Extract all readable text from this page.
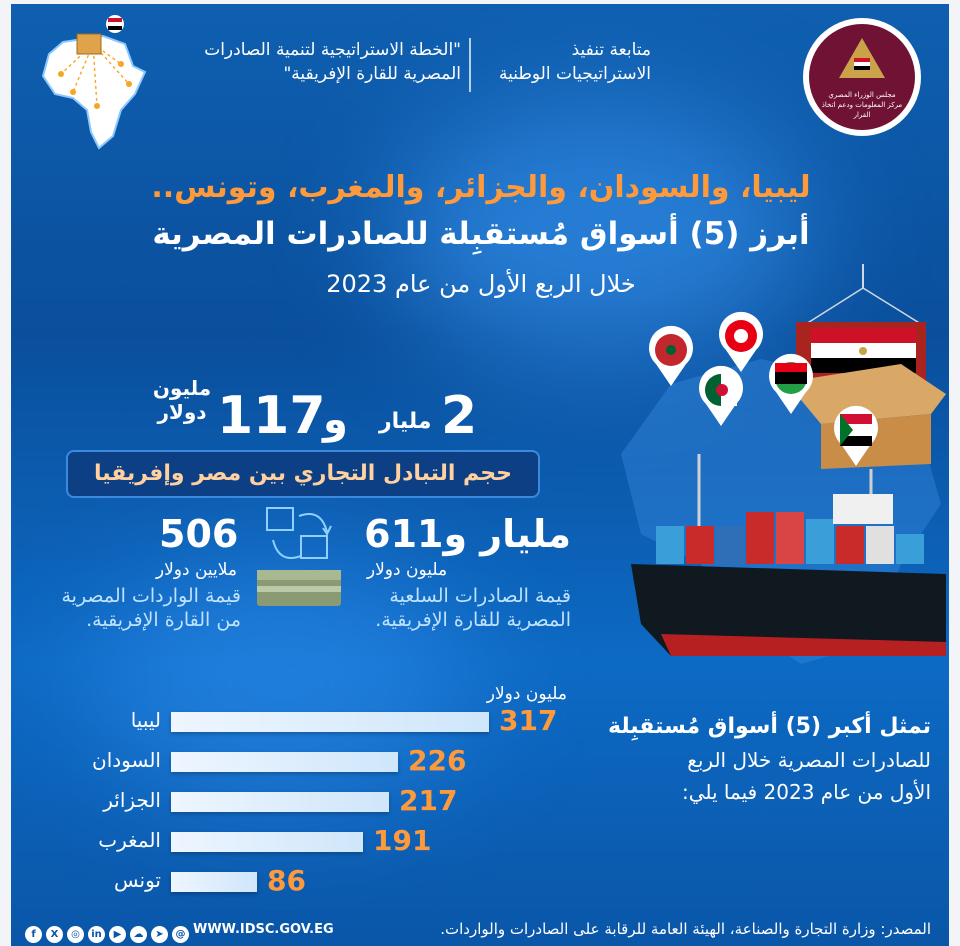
"الخطة الاستراتيجية لتنمية الصادرات
المصرية للقارة الإفريقية"
متابعة تنفيذ
الاستراتيجيات الوطنية
مجلس الوزراء المصري
مركز المعلومات ودعم اتخاذ القرار
ليبيا، والسودان، والجزائر، والمغرب، وتونس..
أبرز (5) أسواق مُستقبِلة للصادرات المصرية
خلال الربع الأول من عام 2023
مليون
دولار 117
و مليار 2
حجم التبادل التجاري بين مصر وإفريقيا
مليار و611
مليون دولار
قيمة الصادرات السلعية
المصرية للقارة الإفريقية.
506
ملايين دولار
قيمة الواردات المصرية
من القارة الإفريقية.
تمثل أكبر (5) أسواق مُستقبِلة
للصادرات المصرية خلال الربع
الأول من عام 2023 فيما يلي:
مليون دولار
ليبيا	317
السودان	226
الجزائر	217
المغرب	191
تونس	86
f X ◎ in ▶ ☁ ➤ @ WWW.IDSC.GOV.EG	المصدر: وزارة التجارة والصناعة، الهيئة العامة للرقابة على الصادرات والواردات.
